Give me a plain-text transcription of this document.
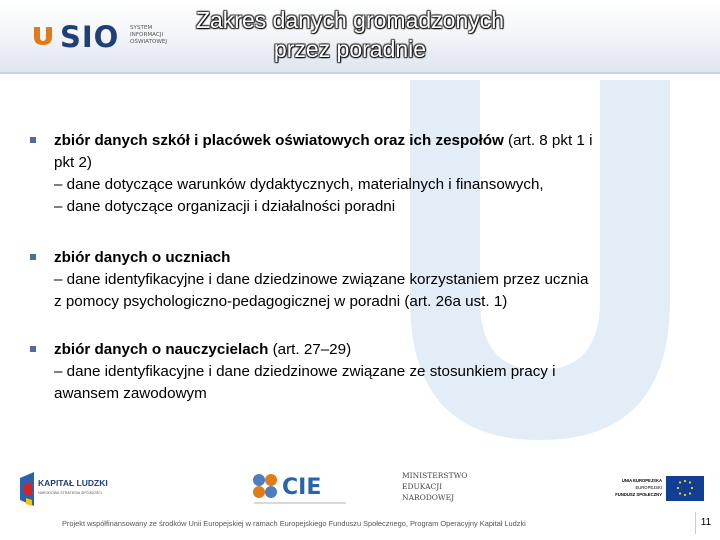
SIO SYSTEM
INFORMACJI
OŚWIATOWEJ
Zakres danych gromadzonych przez poradnie
zbiór danych szkół i placówek oświatowych oraz ich zespołów (art. 8 pkt 1 i
pkt 2)
– dane dotyczące warunków dydaktycznych, materialnych i finansowych,
– dane dotyczące organizacji i działalności poradni
zbiór danych o uczniach
– dane identyfikacyjne i dane dziedzinowe związane korzystaniem przez ucznia
z pomocy psychologiczno-pedagogicznej w poradni (art. 26a ust. 1)
zbiór danych o nauczycielach (art. 27–29)
– dane identyfikacyjne i dane dziedzinowe związane ze stosunkiem pracy i
awansem zawodowym
KAPITAŁ LUDZKI
NARODOWA STRATEGIA SPÓJNOŚCI	CIE	MINISTERSTWO
EDUKACJI
NARODOWEJ
UNIA EUROPEJSKA
EUROPEJSKI
FUNDUSZ SPOŁECZNY
Projekt współfinansowany ze środków Unii Europejskiej w ramach Europejskiego Funduszu Społecznego, Program Operacyjny Kapitał Ludzki	11
